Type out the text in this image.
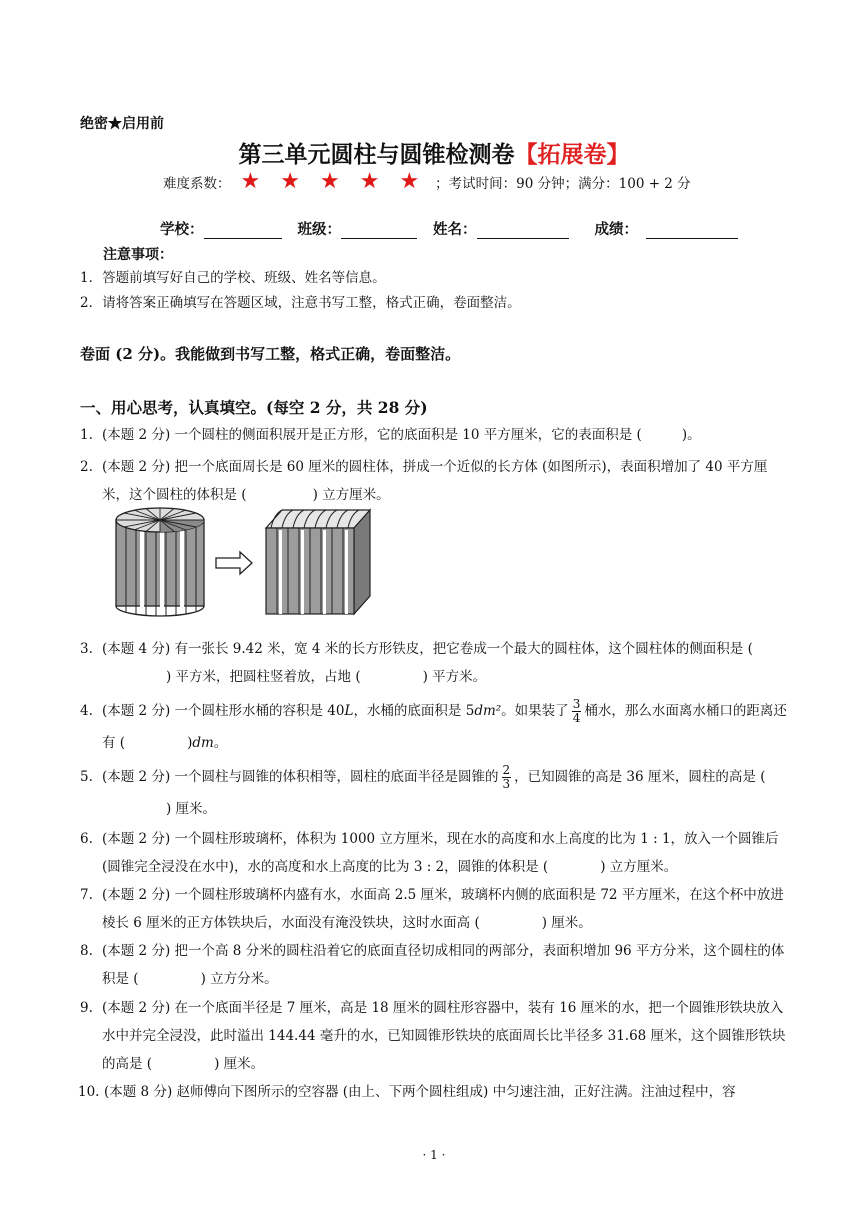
绝密★启用前
第三单元圆柱与圆锥检测卷【拓展卷】
难度系数： ★ ★ ★ ★ ★ ；考试时间：90 分钟；满分：100 + 2 分
学校：	班级：	姓名：	成绩：
注意事项：
1．答题前填写好自己的学校、班级、姓名等信息。
2．请将答案正确填写在答题区域，注意书写工整，格式正确，卷面整洁。
卷面 (2 分)。我能做到书写工整，格式正确，卷面整洁。
一、用心思考，认真填空。(每空 2 分，共 28 分)
1. (本题 2 分) 一个圆柱的侧面积展开是正方形，它的底面积是 10 平方厘米，它的表面积是 (	)。
2. (本题 2 分) 把一个底面周长是 60 厘米的圆柱体，拼成一个近似的长方体 (如图所示)，表面积增加了 40 平方厘米，这个圆柱的体积是 (	) 立方厘米。
3. (本题 4 分) 有一张长 9.42 米，宽 4 米的长方形铁皮，把它卷成一个最大的圆柱体，这个圆柱体的侧面积是 () 平方米，把圆柱竖着放，占地 (	) 平方米。
4. (本题 2 分) 一个圆柱形水桶的容积是 40L，水桶的底面积是 5dm²。如果装了 $\frac{3}{4}$ 桶水，那么水面离水桶口的距离还有 (	)dm。
5. (本题 2 分) 一个圆柱与圆锥的体积相等，圆柱的底面半径是圆锥的 $\frac{2}{3}$ ，已知圆锥的高是 36 厘米，圆柱的高是 () 厘米。
6. (本题 2 分) 一个圆柱形玻璃杯，体积为 1000 立方厘米，现在水的高度和水上高度的比为 1 : 1，放入一个圆锥后 (圆锥完全浸没在水中)，水的高度和水上高度的比为 3 : 2，圆锥的体积是 (	) 立方厘米。
7. (本题 2 分) 一个圆柱形玻璃杯内盛有水，水面高 2.5 厘米，玻璃杯内侧的底面积是 72 平方厘米，在这个杯中放进棱长 6 厘米的正方体铁块后，水面没有淹没铁块，这时水面高 (	) 厘米。
8. (本题 2 分) 把一个高 8 分米的圆柱沿着它的底面直径切成相同的两部分，表面积增加 96 平方分米，这个圆柱的体积是 (	) 立方分米。
9. (本题 2 分) 在一个底面半径是 7 厘米，高是 18 厘米的圆柱形容器中，装有 16 厘米的水，把一个圆锥形铁块放入水中并完全浸没，此时溢出 144.44 毫升的水，已知圆锥形铁块的底面周长比半径多 31.68 厘米，这个圆锥形铁块的高是 (	) 厘米。
10. (本题 8 分) 赵师傅向下图所示的空容器 (由上、下两个圆柱组成) 中匀速注油，正好注满。注油过程中，容
· 1 ·
